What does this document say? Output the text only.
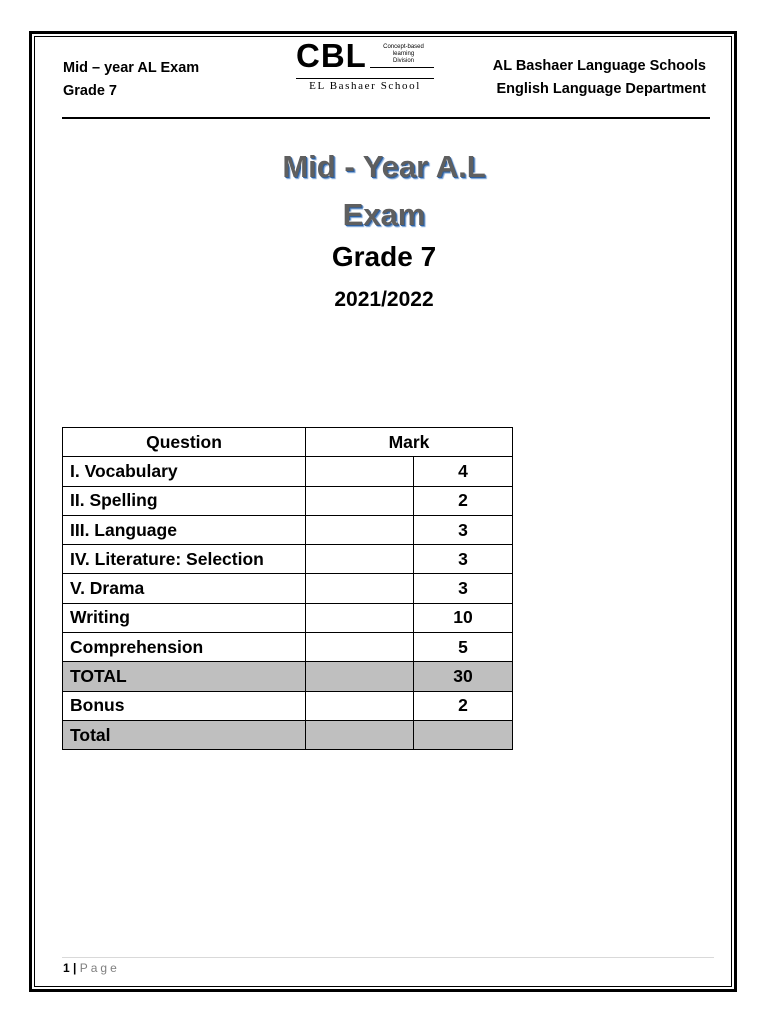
Mid – year AL Exam
Grade 7
CBL	Concept-based
learning
Division
EL Bashaer School
AL Bashaer Language Schools
English Language Department
Mid - Year A.L
Exam
Grade 7
2021/2022
Question	Mark	
I. Vocabulary		4
II. Spelling		2
III. Language		3
IV. Literature: Selection		3
V. Drama		3
Writing		10
Comprehension		5
TOTAL		30
Bonus		2
Total		
1 | Page
